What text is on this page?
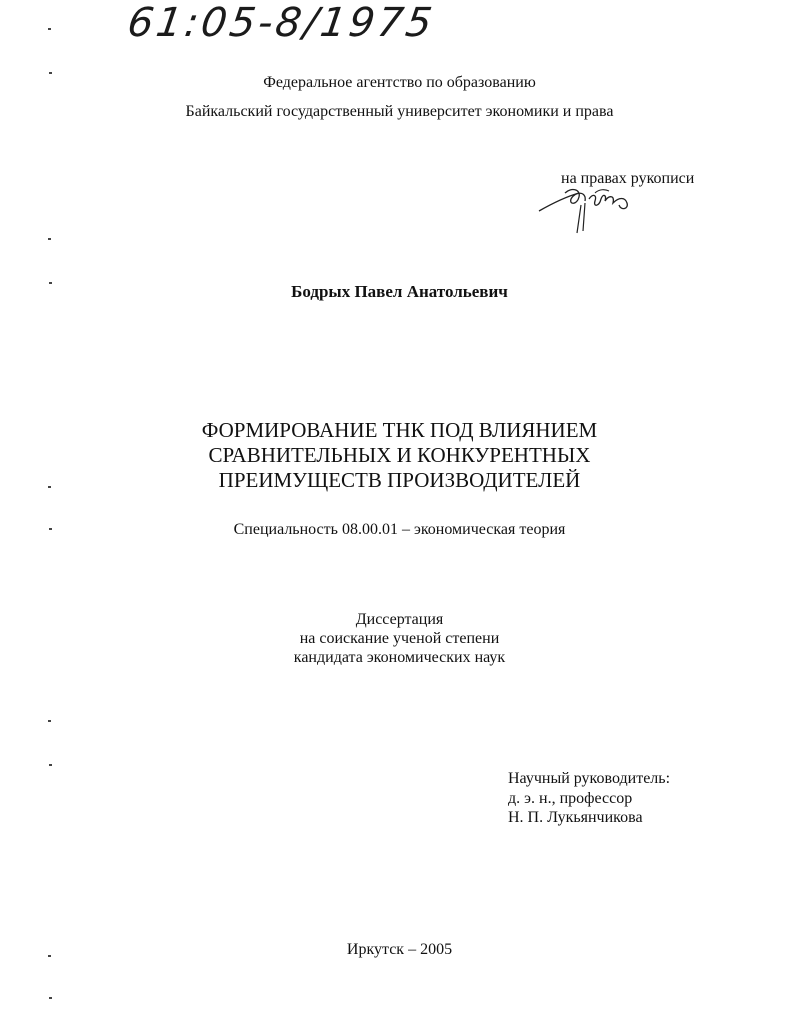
61:05-8/1975
Федеральное агентство по образованию
Байкальский государственный университет экономики и права
на правах рукописи
Бодрых Павел Анатольевич
ФОРМИРОВАНИЕ ТНК ПОД ВЛИЯНИЕМ
СРАВНИТЕЛЬНЫХ И КОНКУРЕНТНЫХ
ПРЕИМУЩЕСТВ ПРОИЗВОДИТЕЛЕЙ
Специальность 08.00.01 – экономическая теория
Диссертация
на соискание ученой степени
кандидата экономических наук
Научный руководитель:
д. э. н., профессор
Н. П. Лукьянчикова
Иркутск – 2005
